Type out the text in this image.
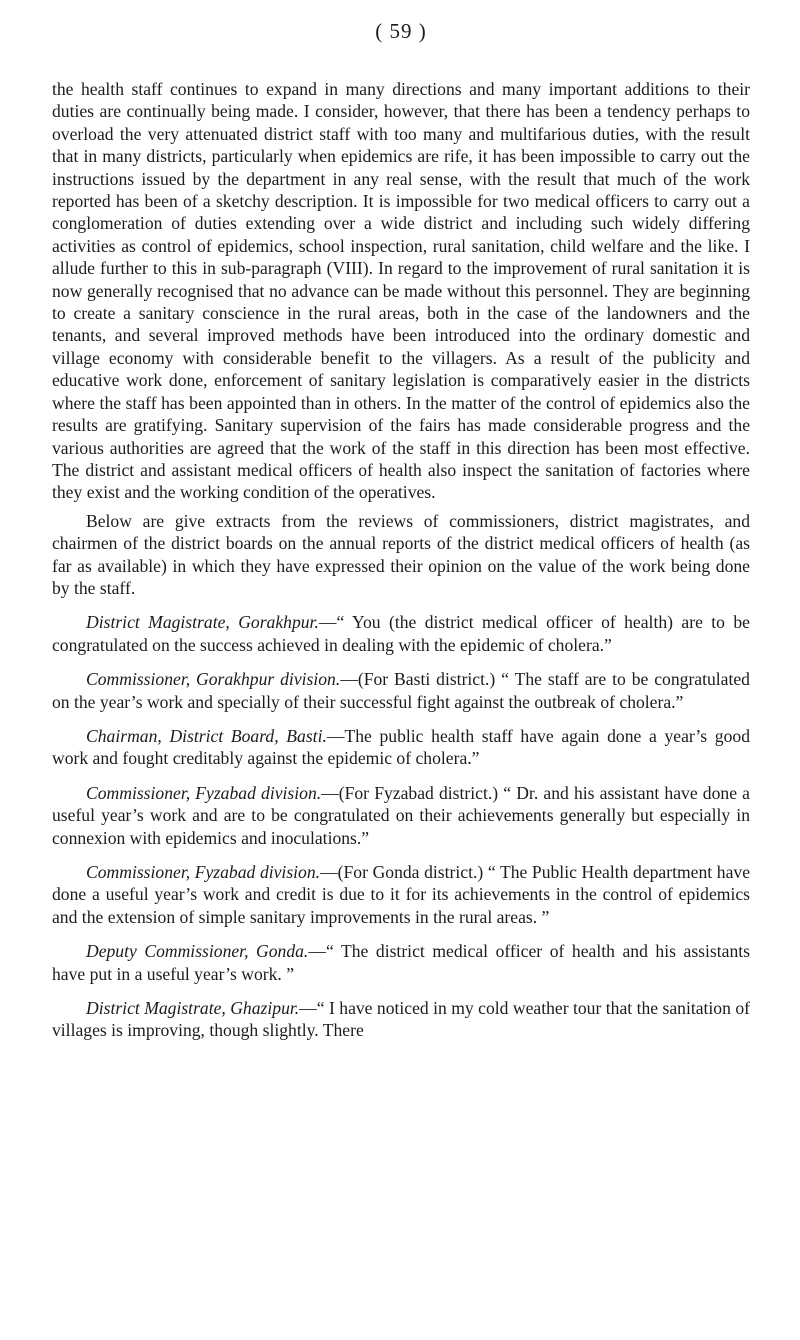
( 59 )

the health staff continues to expand in many directions and many important additions to their duties are continually being made. I consider, however, that there has been a tendency perhaps to overload the very attenuated district staff with too many and multifarious duties, with the result that in many districts, particularly when epidemics are rife, it has been impossible to carry out the instructions issued by the department in any real sense, with the result that much of the work reported has been of a sketchy description. It is impossible for two medical officers to carry out a conglomeration of duties extending over a wide district and including such widely differing activities as control of epidemics, school inspection, rural sanitation, child welfare and the like. I allude further to this in sub-paragraph (VIII). In regard to the improvement of rural sanitation it is now generally recognised that no advance can be made without this personnel. They are beginning to create a sanitary conscience in the rural areas, both in the case of the landowners and the tenants, and several improved methods have been introduced into the ordinary domestic and village economy with considerable benefit to the villagers. As a result of the publicity and educative work done, enforcement of sanitary legislation is comparatively easier in the districts where the staff has been appointed than in others. In the matter of the control of epidemics also the results are gratifying. Sanitary supervision of the fairs has made considerable progress and the various authorities are agreed that the work of the staff in this direction has been most effective. The district and assistant medical officers of health also inspect the sanitation of factories where they exist and the working condition of the operatives.

Below are give extracts from the reviews of commissioners, district magistrates, and chairmen of the district boards on the annual reports of the district medical officers of health (as far as available) in which they have expressed their opinion on the value of the work being done by the staff.

District Magistrate, Gorakhpur.—“ You (the district medical officer of health) are to be congratulated on the success achieved in dealing with the epidemic of cholera.”

Commissioner, Gorakhpur division.—(For Basti district.) “ The staff are to be congratulated on the year’s work and specially of their successful fight against the outbreak of cholera.”

Chairman, District Board, Basti.—The public health staff have again done a year’s good work and fought creditably against the epidemic of cholera.”

Commissioner, Fyzabad division.—(For Fyzabad district.) “ Dr. and his assistant have done a useful year’s work and are to be congratulated on their achievements generally but especially in connexion with epidemics and inoculations.”

Commissioner, Fyzabad division.—(For Gonda district.) “ The Public Health department have done a useful year’s work and credit is due to it for its achievements in the control of epidemics and the extension of simple sanitary improvements in the rural areas. ”

Deputy Commissioner, Gonda.—“ The district medical officer of health and his assistants have put in a useful year’s work. ”

District Magistrate, Ghazipur.—“ I have noticed in my cold weather tour that the sanitation of villages is improving, though slightly. There
